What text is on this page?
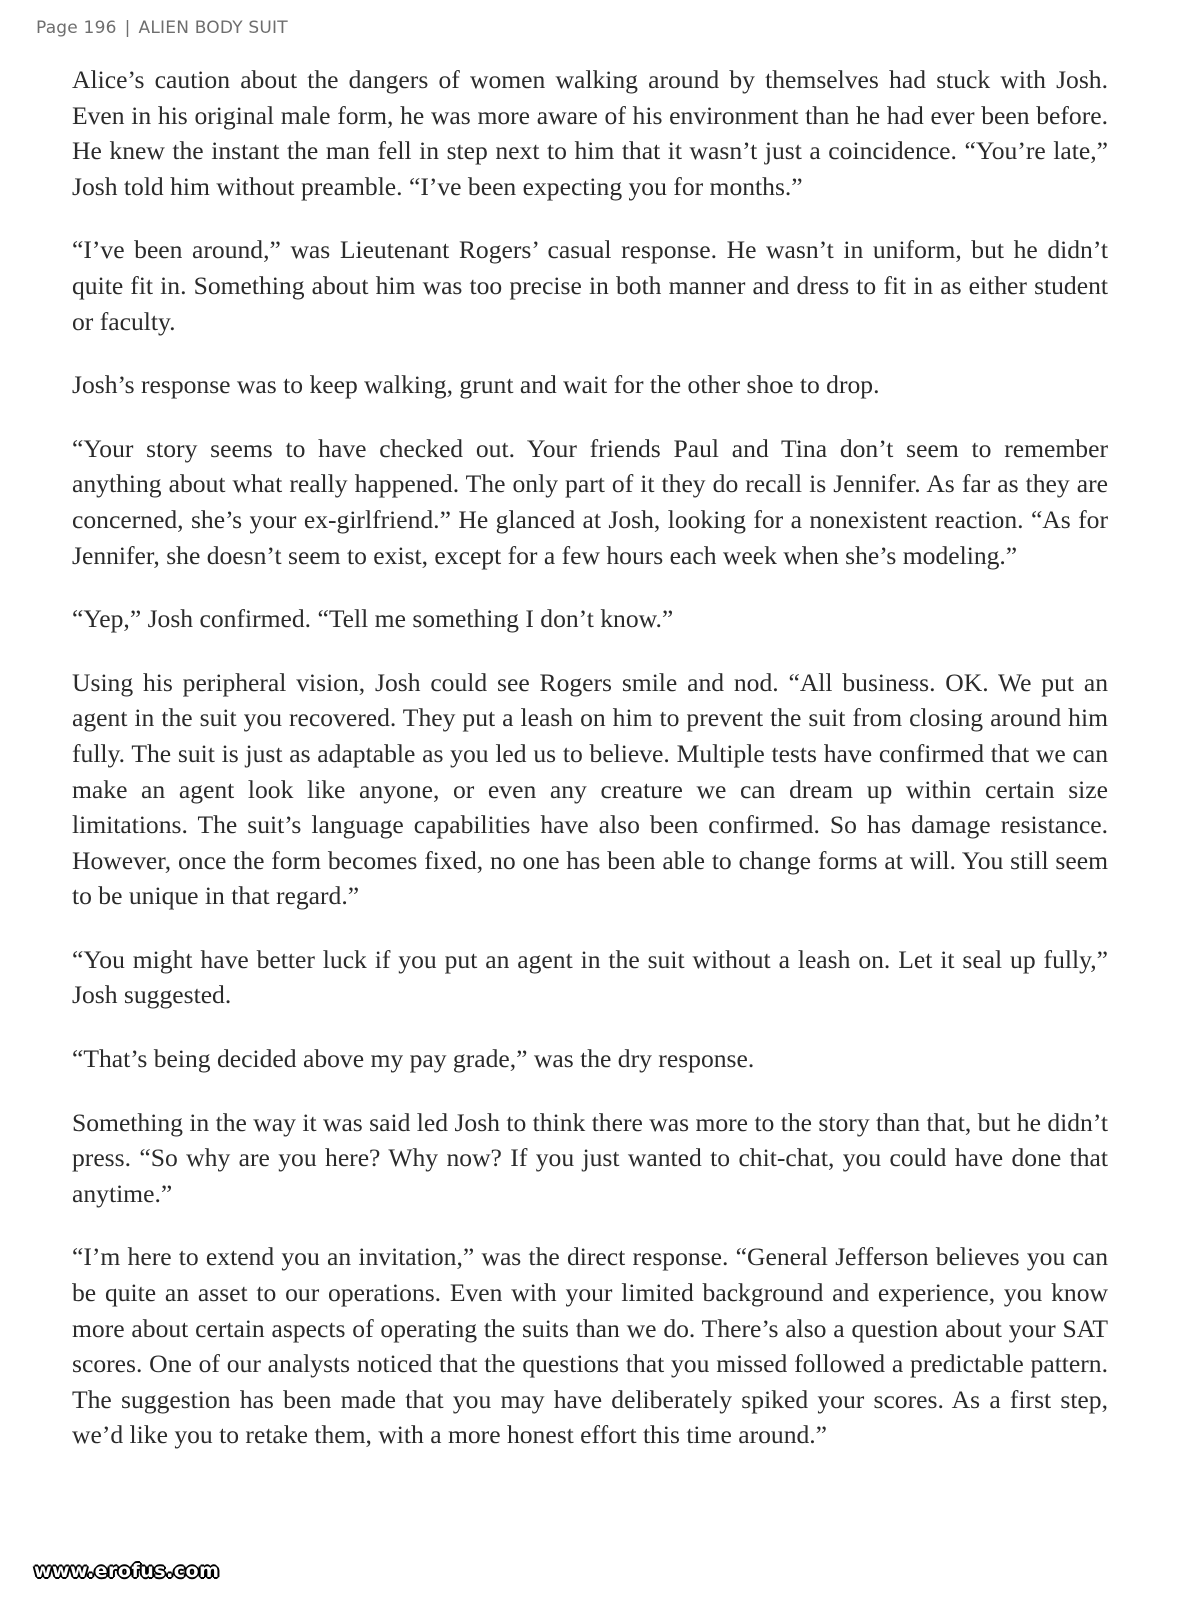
Page 196 | ALIEN BODY SUIT

Alice’s caution about the dangers of women walking around by themselves had stuck with Josh. Even in his original male form, he was more aware of his environment than he had ever been before. He knew the instant the man fell in step next to him that it wasn’t just a coincidence. “You’re late,” Josh told him without preamble. “I’ve been expecting you for months.”

“I’ve been around,” was Lieutenant Rogers’ casual response. He wasn’t in uniform, but he didn’t quite fit in. Something about him was too precise in both manner and dress to fit in as either student or faculty.

Josh’s response was to keep walking, grunt and wait for the other shoe to drop.

“Your story seems to have checked out. Your friends Paul and Tina don’t seem to remember anything about what really happened. The only part of it they do recall is Jennifer. As far as they are concerned, she’s your ex-girlfriend.” He glanced at Josh, looking for a nonexistent reaction. “As for Jennifer, she doesn’t seem to exist, except for a few hours each week when she’s modeling.”

“Yep,” Josh confirmed. “Tell me something I don’t know.”

Using his peripheral vision, Josh could see Rogers smile and nod. “All business. OK. We put an agent in the suit you recovered. They put a leash on him to prevent the suit from closing around him fully. The suit is just as adaptable as you led us to believe. Multiple tests have confirmed that we can make an agent look like anyone, or even any creature we can dream up within certain size limitations. The suit’s language capabilities have also been confirmed. So has damage resistance. However, once the form becomes fixed, no one has been able to change forms at will. You still seem to be unique in that regard.”

“You might have better luck if you put an agent in the suit without a leash on. Let it seal up fully,” Josh suggested.

“That’s being decided above my pay grade,” was the dry response.

Something in the way it was said led Josh to think there was more to the story than that, but he didn’t press. “So why are you here? Why now? If you just wanted to chit-chat, you could have done that anytime.”

“I’m here to extend you an invitation,” was the direct response. “General Jefferson believes you can be quite an asset to our operations. Even with your limited background and experience, you know more about certain aspects of operating the suits than we do. There’s also a question about your SAT scores. One of our analysts noticed that the questions that you missed followed a predictable pattern. The suggestion has been made that you may have deliberately spiked your scores. As a first step, we’d like you to retake them, with a more honest effort this time around.”

www.erofus.com
